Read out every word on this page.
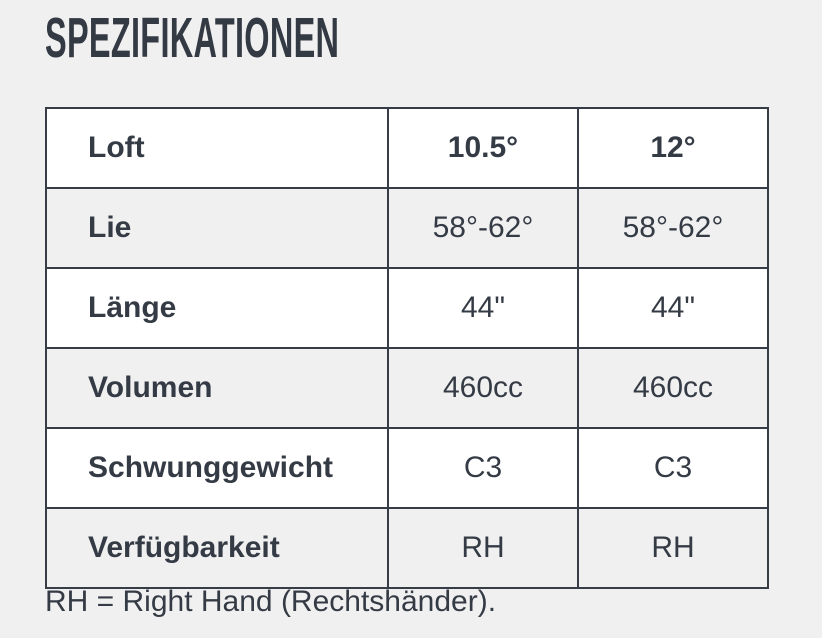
SPEZIFIKATIONEN
Loft	10.5°	12°
Lie	58°-62°	58°-62°
Länge	44"	44"
Volumen	460cc	460cc
Schwunggewicht	C3	C3
Verfügbarkeit	RH	RH

RH = Right Hand (Rechtshänder).
